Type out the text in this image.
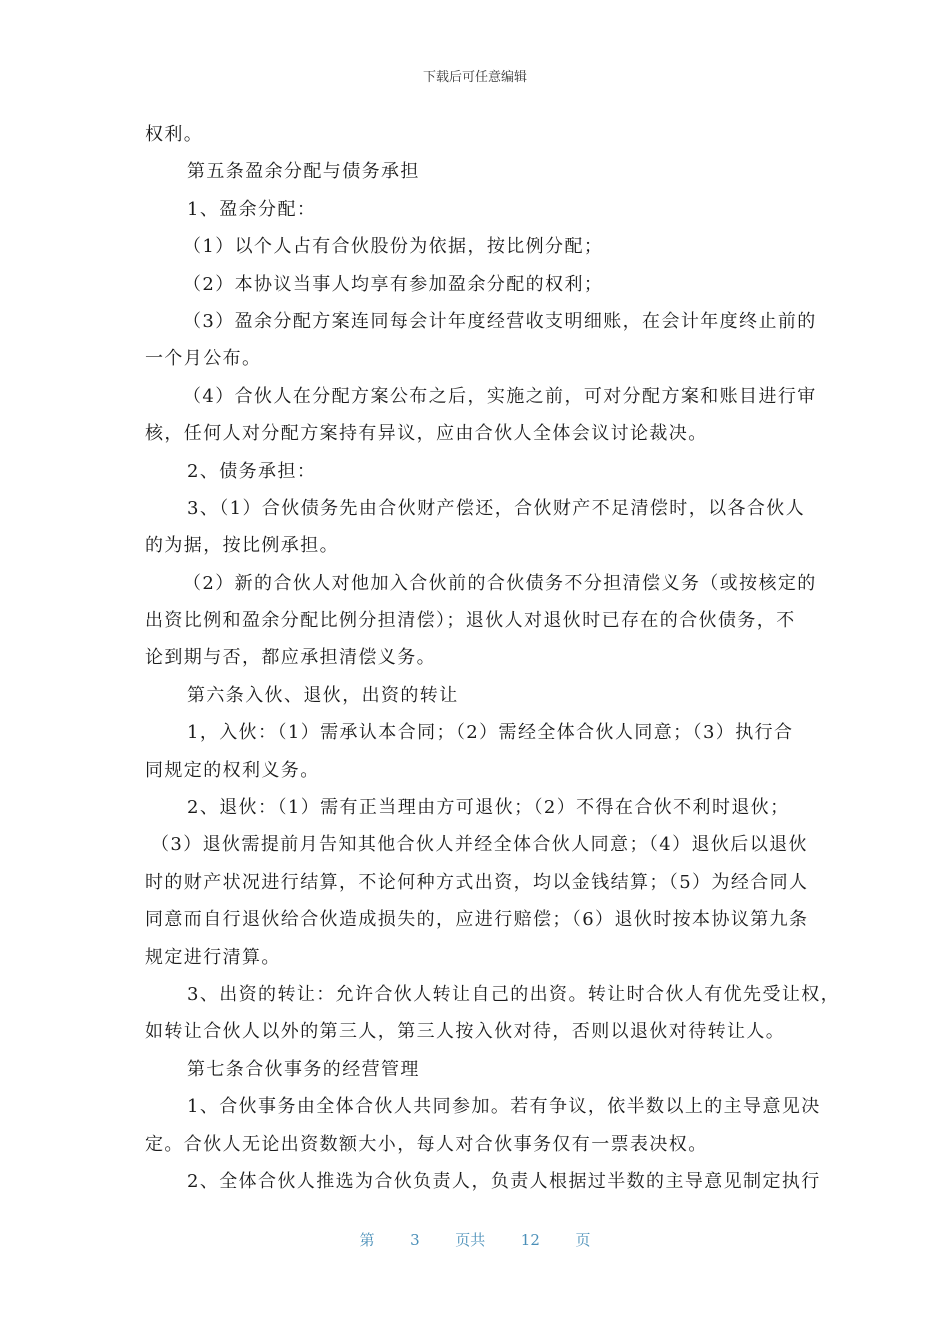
下载后可任意编辑
权利。
第五条盈余分配与债务承担
1、盈余分配：
（1）以个人占有合伙股份为依据，按比例分配；
（2）本协议当事人均享有参加盈余分配的权利；
（3）盈余分配方案连同每会计年度经营收支明细账，在会计年度终止前的
一个月公布。
（4）合伙人在分配方案公布之后，实施之前，可对分配方案和账目进行审
核，任何人对分配方案持有异议，应由合伙人全体会议讨论裁决。
2、债务承担：
3、（1）合伙债务先由合伙财产偿还，合伙财产不足清偿时，以各合伙人
的为据，按比例承担。
（2）新的合伙人对他加入合伙前的合伙债务不分担清偿义务（或按核定的
出资比例和盈余分配比例分担清偿）；退伙人对退伙时已存在的合伙债务，不
论到期与否，都应承担清偿义务。
第六条入伙、退伙，出资的转让
1，入伙：（1）需承认本合同；（2）需经全体合伙人同意；（3）执行合
同规定的权利义务。
2、退伙：（1）需有正当理由方可退伙；（2）不得在合伙不利时退伙；
（3）退伙需提前月告知其他合伙人并经全体合伙人同意；（4）退伙后以退伙
时的财产状况进行结算，不论何种方式出资，均以金钱结算；（5）为经合同人
同意而自行退伙给合伙造成损失的，应进行赔偿；（6）退伙时按本协议第九条
规定进行清算。
3、出资的转让：允许合伙人转让自己的出资。转让时合伙人有优先受让权，
如转让合伙人以外的第三人，第三人按入伙对待，否则以退伙对待转让人。
第七条合伙事务的经营管理
1、合伙事务由全体合伙人共同参加。若有争议，依半数以上的主导意见决
定。合伙人无论出资数额大小，每人对合伙事务仅有一票表决权。
2、全体合伙人推选为合伙负责人，负责人根据过半数的主导意见制定执行
第 3 页共 12 页
